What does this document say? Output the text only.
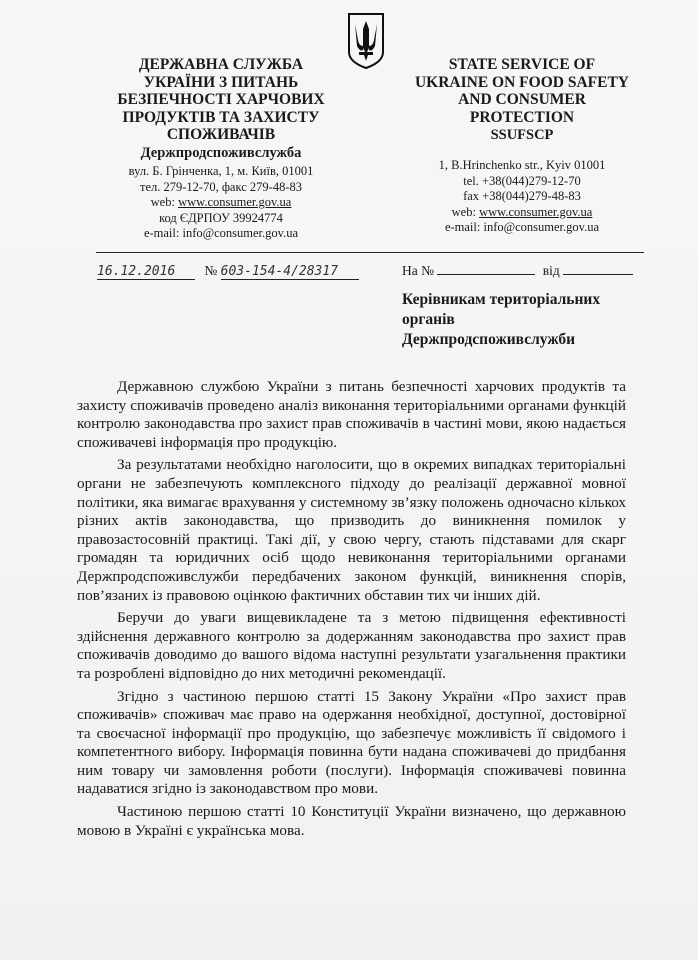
ДЕРЖАВНА СЛУЖБА
УКРАЇНИ З ПИТАНЬ
БЕЗПЕЧНОСТІ ХАРЧОВИХ
ПРОДУКТІВ ТА ЗАХИСТУ
СПОЖИВАЧІВ
Держпродспоживслужба
вул. Б. Грінченка, 1, м. Київ, 01001
тел. 279-12-70, факс 279-48-83
web: www.consumer.gov.ua
код ЄДРПОУ 39924774
e-mail: info@consumer.gov.ua
STATE SERVICE OF
UKRAINE ON FOOD SAFETY
AND CONSUMER
PROTECTION
SSUFSCP
1, B.Hrinchenko str., Kyiv 01001
tel. +38(044)279-12-70
fax +38(044)279-48-83
web: www.consumer.gov.ua
e-mail: info@consumer.gov.ua
16.12.2016 № 603-154-4/28317	На №	від
Керівникам територіальних
органів
Держпродспоживслужби

Державною службою України з питань безпечності харчових продуктів та захисту споживачів проведено аналіз виконання територіальними органами функцій контролю законодавства про захист прав споживачів в частині мови, якою надається споживачеві інформація про продукцію.

За результатами необхідно наголосити, що в окремих випадках територіальні органи не забезпечують комплексного підходу до реалізації державної мовної політики, яка вимагає врахування у системному зв’язку положень одночасно кількох різних актів законодавства, що призводить до виникнення помилок у правозастосовній практиці. Такі дії, у свою чергу, стають підставами для скарг громадян та юридичних осіб щодо невиконання територіальними органами Держпродспоживслужби передбачених законом функцій, виникнення спорів, пов’язаних із правовою оцінкою фактичних обставин тих чи інших дій.

Беручи до уваги вищевикладене та з метою підвищення ефективності здійснення державного контролю за додержанням законодавства про захист прав споживачів доводимо до вашого відома наступні результати узагальнення практики та розроблені відповідно до них методичні рекомендації.

Згідно з частиною першою статті 15 Закону України «Про захист прав споживачів» споживач має право на одержання необхідної, доступної, достовірної та своєчасної інформації про продукцію, що забезпечує можливість її свідомого і компетентного вибору. Інформація повинна бути надана споживачеві до придбання ним товару чи замовлення роботи (послуги). Інформація споживачеві повинна надаватися згідно із законодавством про мови.

Частиною першою статті 10 Конституції України визначено, що державною мовою в Україні є українська мова.
